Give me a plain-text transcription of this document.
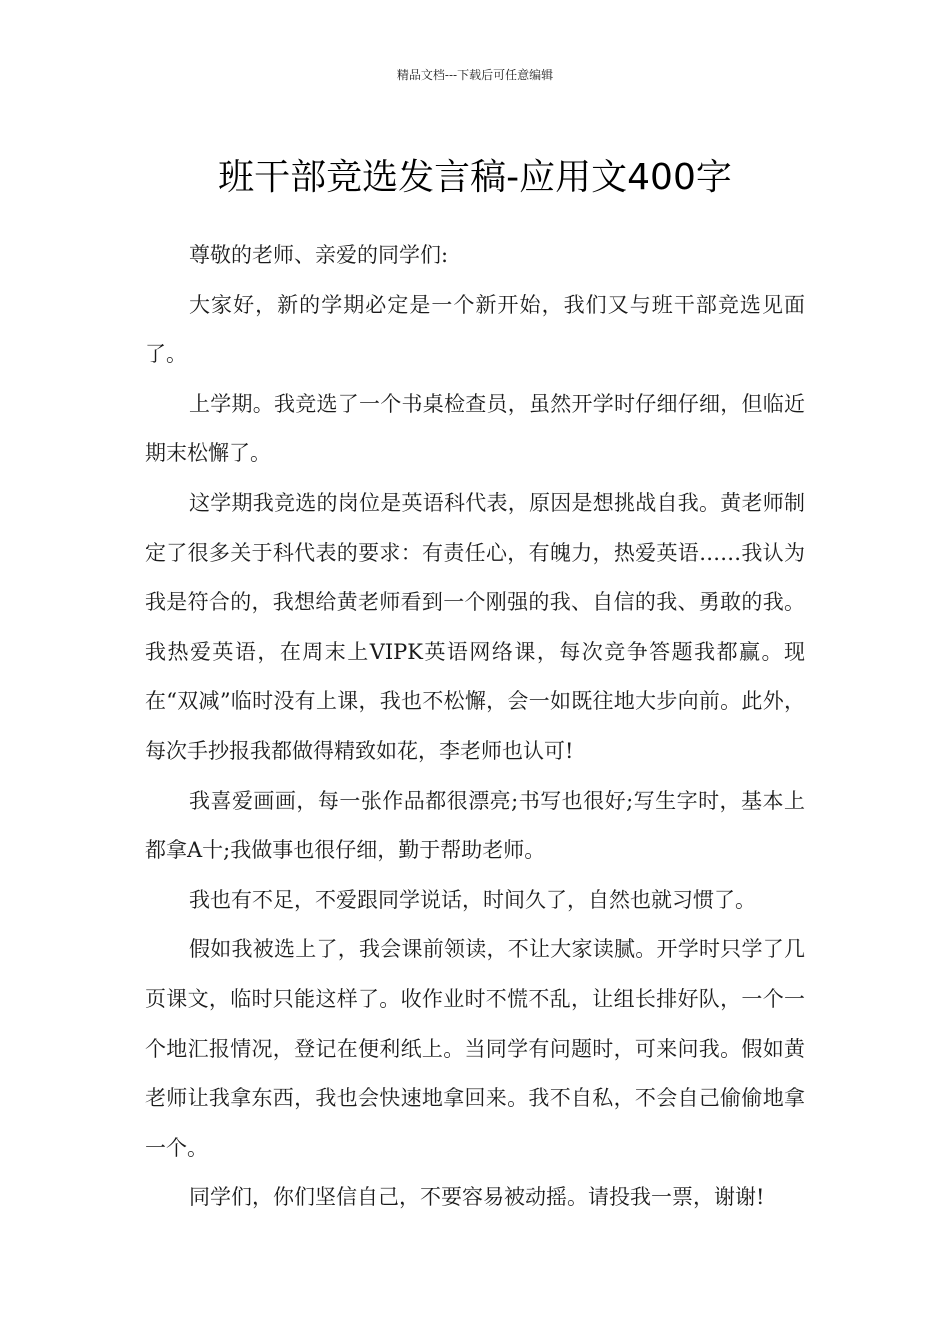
精品文档---下载后可任意编辑
班干部竞选发言稿-应用文400字

尊敬的老师、亲爱的同学们:

大家好，新的学期必定是一个新开始，我们又与班干部竞选见面了。

上学期。我竞选了一个书桌检查员，虽然开学时仔细仔细，但临近期末松懈了。

这学期我竞选的岗位是英语科代表，原因是想挑战自我。黄老师制定了很多关于科代表的要求：有责任心，有魄力，热爱英语……我认为我是符合的，我想给黄老师看到一个刚强的我、自信的我、勇敢的我。我热爱英语，在周末上VIPK英语网络课，每次竞争答题我都赢。现在“双减”临时没有上课，我也不松懈，会一如既往地大步向前。此外，每次手抄报我都做得精致如花，李老师也认可!

我喜爱画画，每一张作品都很漂亮;书写也很好;写生字时，基本上都拿A十;我做事也很仔细，勤于帮助老师。

我也有不足，不爱跟同学说话，时间久了，自然也就习惯了。

假如我被选上了，我会课前领读，不让大家读腻。开学时只学了几页课文，临时只能这样了。收作业时不慌不乱，让组长排好队，一个一个地汇报情况，登记在便利纸上。当同学有问题时，可来问我。假如黄老师让我拿东西，我也会快速地拿回来。我不自私，不会自己偷偷地拿一个。

同学们，你们坚信自己，不要容易被动摇。请投我一票，谢谢!
